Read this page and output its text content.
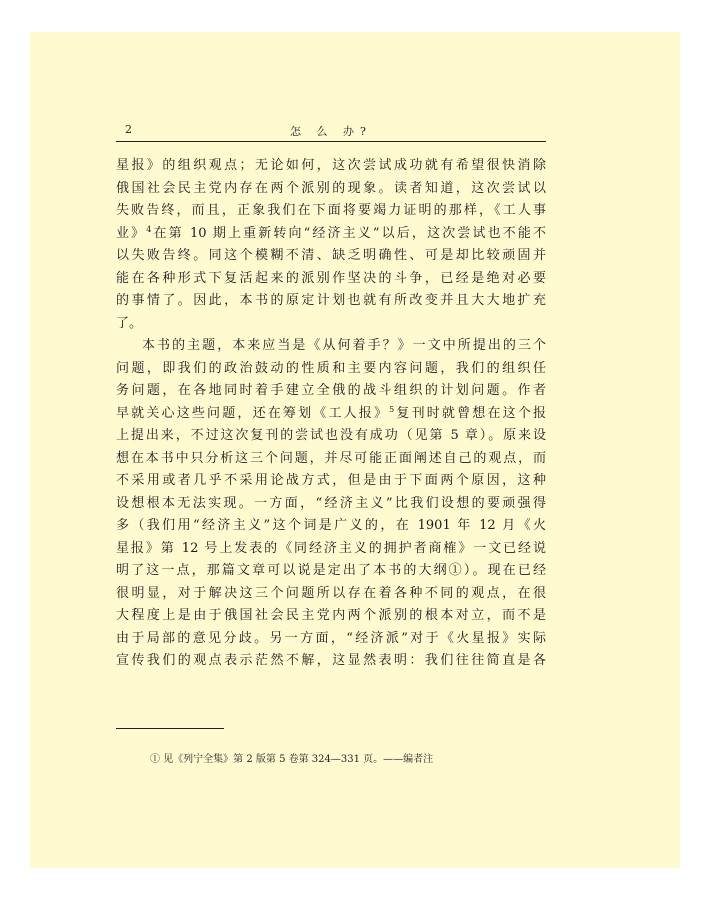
2	怎 么 办?
星报》的组织观点；无论如何，这次尝试成功就有希望很快消除
俄国社会民主党内存在两个派别的现象。读者知道，这次尝试以
失败告终，而且，正象我们在下面将要竭力证明的那样，《工人事
业》$^4$在第 10 期上重新转向“经济主义”以后，这次尝试也不能不
以失败告终。同这个模糊不清、缺乏明确性、可是却比较顽固并
能在各种形式下复活起来的派别作坚决的斗争，已经是绝对必要
的事情了。因此，本书的原定计划也就有所改变并且大大地扩充
了。
本书的主题，本来应当是《从何着手？》一文中所提出的三个
问题，即我们的政治鼓动的性质和主要内容问题，我们的组织任
务问题，在各地同时着手建立全俄的战斗组织的计划问题。作者
早就关心这些问题，还在筹划《工人报》$^5$复刊时就曾想在这个报
上提出来，不过这次复刊的尝试也没有成功（见第 5 章）。原来设
想在本书中只分析这三个问题，并尽可能正面阐述自己的观点，而
不采用或者几乎不采用论战方式，但是由于下面两个原因，这种
设想根本无法实现。一方面，“经济主义”比我们设想的要顽强得
多（我们用“经济主义”这个词是广义的，在 1901 年 12 月《火
星报》第 12 号上发表的《同经济主义的拥护者商榷》一文已经说
明了这一点，那篇文章可以说是定出了本书的大纲①）。现在已经
很明显，对于解决这三个问题所以存在着各种不同的观点，在很
大程度上是由于俄国社会民主党内两个派别的根本对立，而不是
由于局部的意见分歧。另一方面，“经济派”对于《火星报》实际
宣传我们的观点表示茫然不解，这显然表明：我们往往简直是各
① 见《列宁全集》第 2 版第 5 卷第 324—331 页。——编者注
